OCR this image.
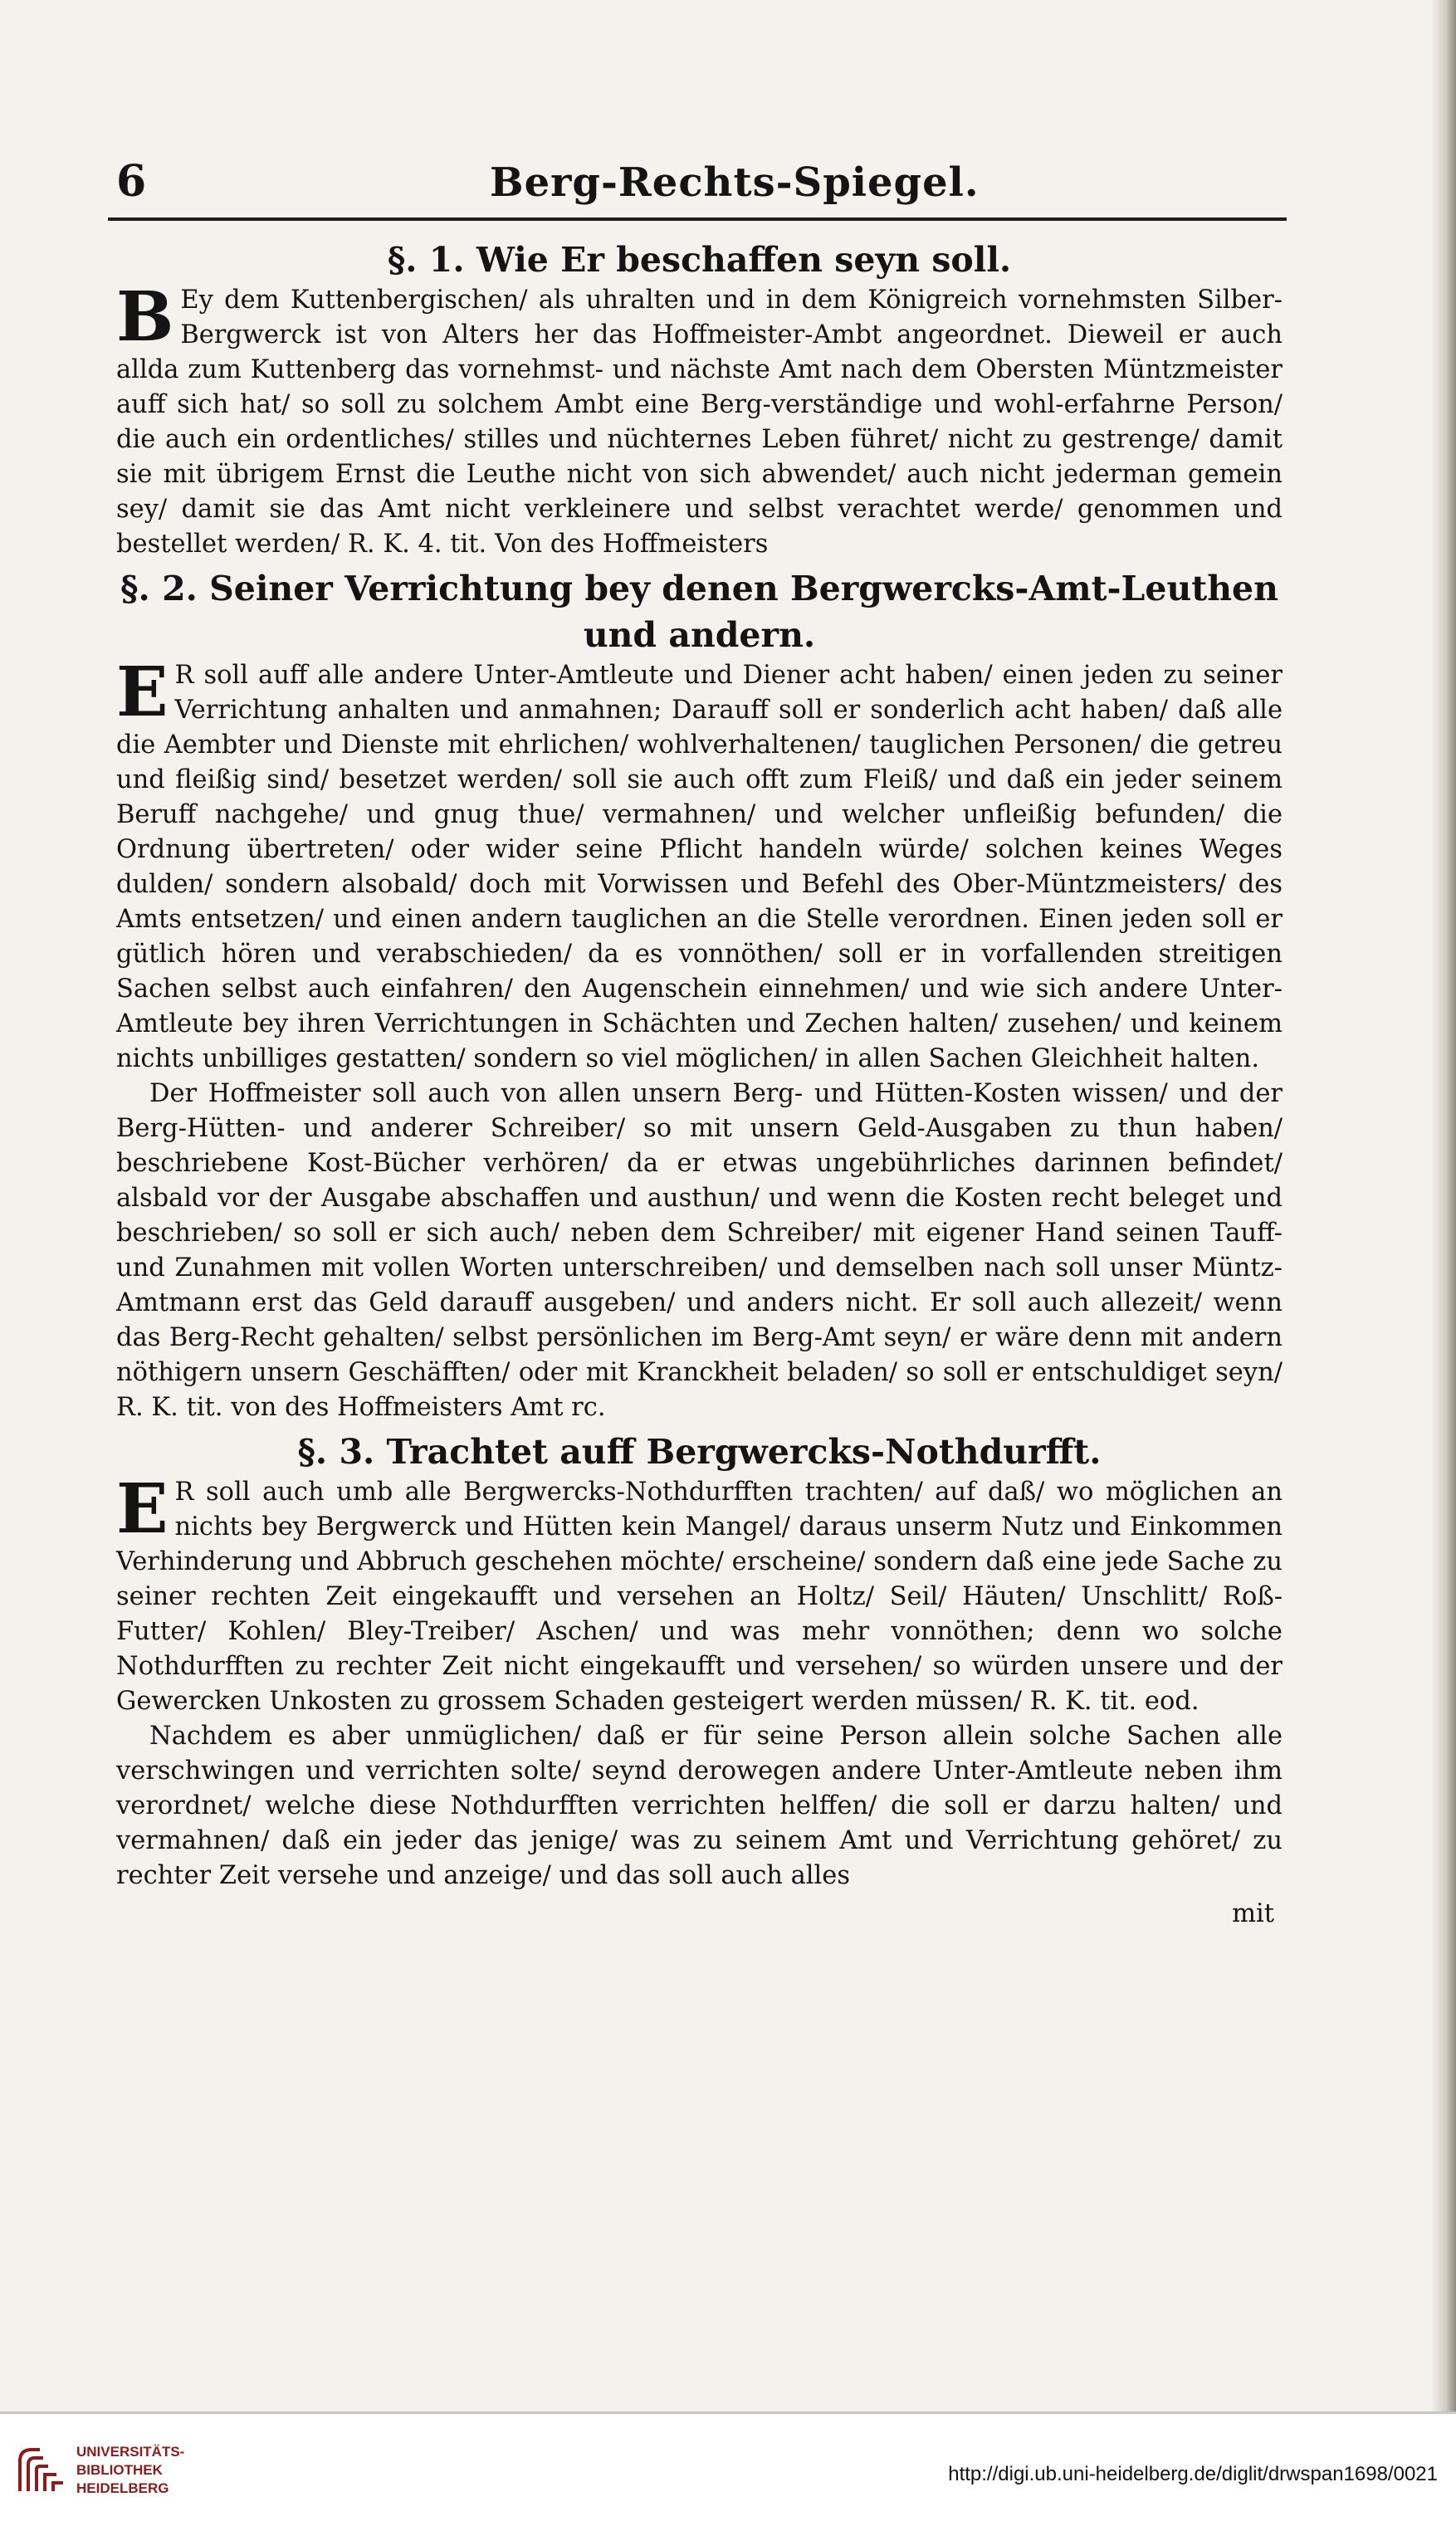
6	Berg-Rechts-Spiegel.
§. 1. Wie Er beschaffen seyn soll.

B Ey dem Kuttenbergischen/ als uhralten und in dem Königreich vornehmsten Silber-Bergwerck ist von Alters her das Hoffmeister-Ambt angeordnet. Dieweil er auch allda zum Kuttenberg das vornehmst- und nächste Amt nach dem Obersten Müntzmeister auff sich hat/ so soll zu solchem Ambt eine Berg-verständige und wohl-erfahrne Person/ die auch ein ordentliches/ stilles und nüchternes Leben führet/ nicht zu gestrenge/ damit sie mit übrigem Ernst die Leuthe nicht von sich abwendet/ auch nicht jederman gemein sey/ damit sie das Amt nicht verkleinere und selbst verachtet werde/ genommen und bestellet werden/ R. K. 4. tit. Von des Hoffmeisters

§. 2. Seiner Verrichtung bey denen Bergwercks-Amt-Leuthen
und andern.

E R soll auff alle andere Unter-Amtleute und Diener acht haben/ einen jeden zu seiner Verrichtung anhalten und anmahnen; Darauff soll er sonderlich acht haben/ daß alle die Aembter und Dienste mit ehrlichen/ wohlverhaltenen/ tauglichen Personen/ die getreu und fleißig sind/ besetzet werden/ soll sie auch offt zum Fleiß/ und daß ein jeder seinem Beruff nachgehe/ und gnug thue/ vermahnen/ und welcher unfleißig befunden/ die Ordnung übertreten/ oder wider seine Pflicht handeln würde/ solchen keines Weges dulden/ sondern alsobald/ doch mit Vorwissen und Befehl des Ober-Müntzmeisters/ des Amts entsetzen/ und einen andern tauglichen an die Stelle verordnen. Einen jeden soll er gütlich hören und verabschieden/ da es vonnöthen/ soll er in vorfallenden streitigen Sachen selbst auch einfahren/ den Augenschein einnehmen/ und wie sich andere Unter-Amtleute bey ihren Verrichtungen in Schächten und Zechen halten/ zusehen/ und keinem nichts unbilliges gestatten/ sondern so viel möglichen/ in allen Sachen Gleichheit halten.

Der Hoffmeister soll auch von allen unsern Berg- und Hütten-Kosten wissen/ und der Berg-Hütten- und anderer Schreiber/ so mit unsern Geld-Ausgaben zu thun haben/ beschriebene Kost-Bücher verhören/ da er etwas ungebührliches darinnen befindet/ alsbald vor der Ausgabe abschaffen und austhun/ und wenn die Kosten recht beleget und beschrieben/ so soll er sich auch/ neben dem Schreiber/ mit eigener Hand seinen Tauff- und Zunahmen mit vollen Worten unterschreiben/ und demselben nach soll unser Müntz-Amtmann erst das Geld darauff ausgeben/ und anders nicht. Er soll auch allezeit/ wenn das Berg-Recht gehalten/ selbst persönlichen im Berg-Amt seyn/ er wäre denn mit andern nöthigern unsern Geschäfften/ oder mit Kranckheit beladen/ so soll er entschuldiget seyn/ R. K. tit. von des Hoffmeisters Amt rc.

§. 3. Trachtet auff Bergwercks-Nothdurfft.

E R soll auch umb alle Bergwercks-Nothdurfften trachten/ auf daß/ wo möglichen an nichts bey Bergwerck und Hütten kein Mangel/ daraus unserm Nutz und Einkommen Verhinderung und Abbruch geschehen möchte/ erscheine/ sondern daß eine jede Sache zu seiner rechten Zeit eingekaufft und versehen an Holtz/ Seil/ Häuten/ Unschlitt/ Roß-Futter/ Kohlen/ Bley-Treiber/ Aschen/ und was mehr vonnöthen; denn wo solche Nothdurfften zu rechter Zeit nicht eingekaufft und versehen/ so würden unsere und der Gewercken Unkosten zu grossem Schaden gesteigert werden müssen/ R. K. tit. eod.

Nachdem es aber unmüglichen/ daß er für seine Person allein solche Sachen alle verschwingen und verrichten solte/ seynd derowegen andere Unter-Amtleute neben ihm verordnet/ welche diese Nothdurfften verrichten helffen/ die soll er darzu halten/ und vermahnen/ daß ein jeder das jenige/ was zu seinem Amt und Verrichtung gehöret/ zu rechter Zeit versehe und anzeige/ und das soll auch alles

mit

UNIVERSITÄTS-
BIBLIOTHEK
HEIDELBERG
http://digi.ub.uni-heidelberg.de/diglit/drwspan1698/0021
